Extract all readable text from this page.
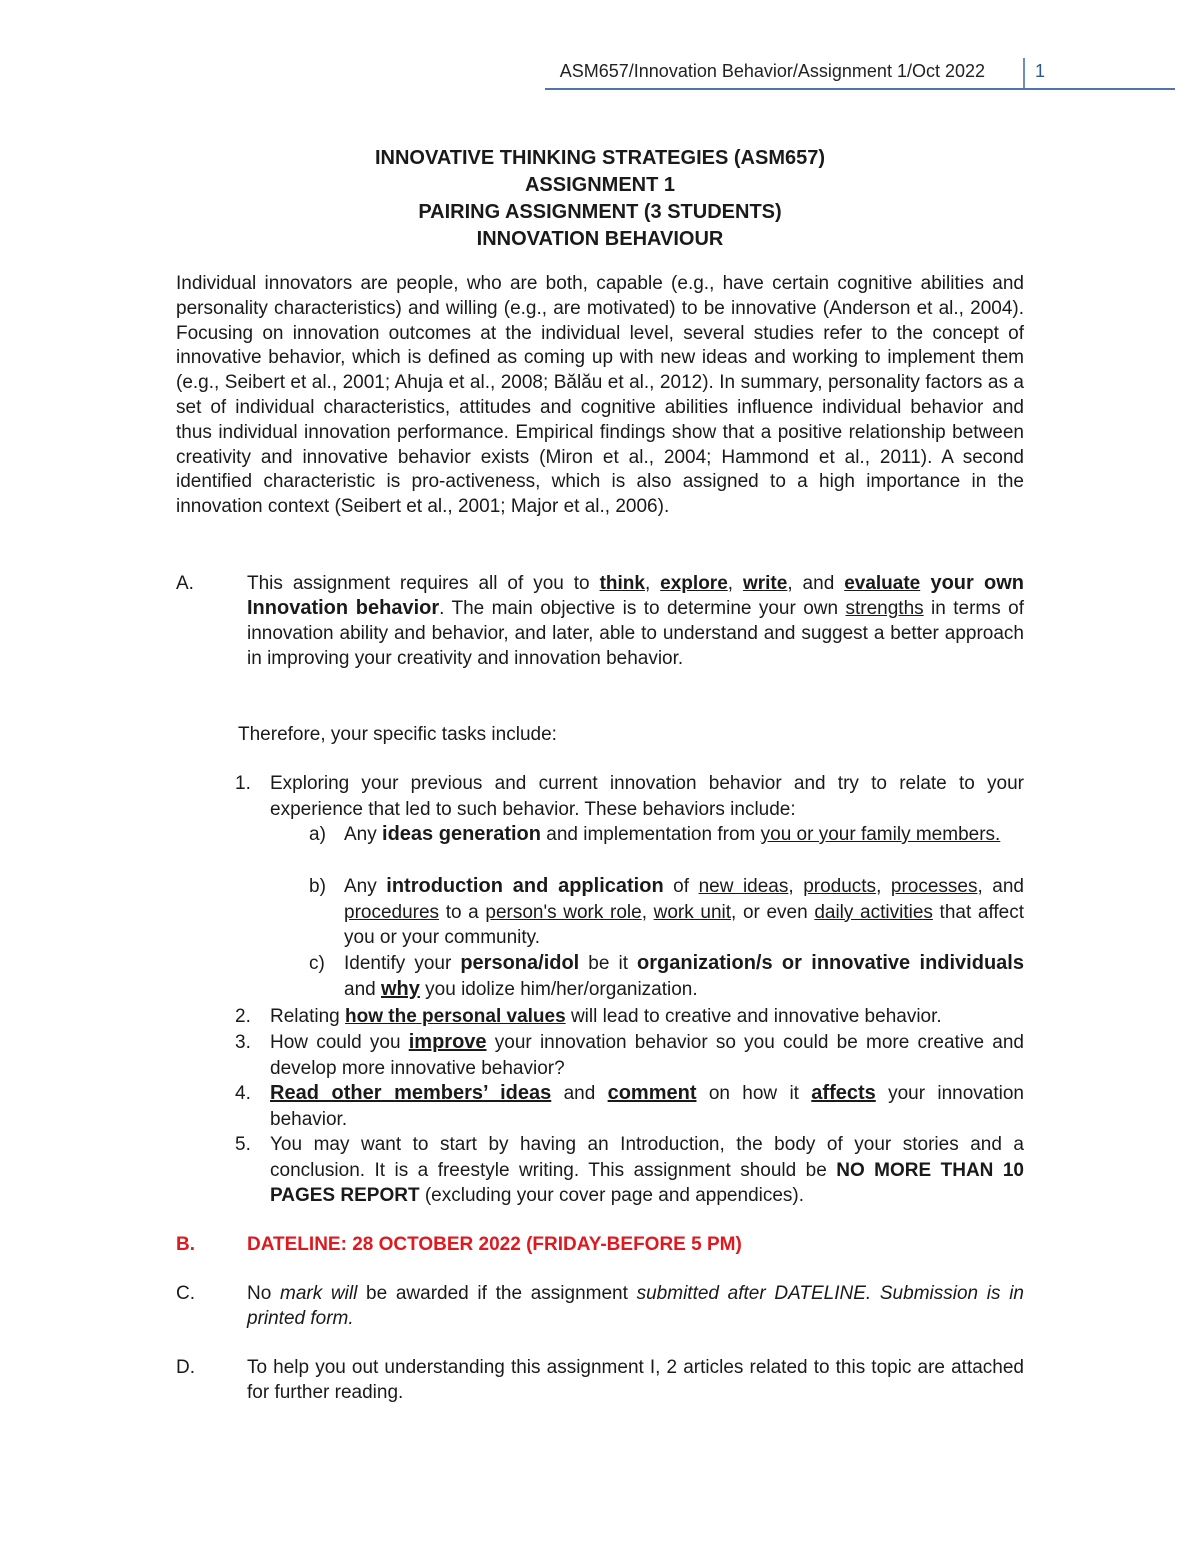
ASM657/Innovation Behavior/Assignment 1/Oct 2022	1
INNOVATIVE THINKING STRATEGIES (ASM657)
ASSIGNMENT 1
PAIRING ASSIGNMENT (3 STUDENTS)
INNOVATION BEHAVIOUR
Individual innovators are people, who are both, capable (e.g., have certain cognitive abilities and personality characteristics) and willing (e.g., are motivated) to be innovative (Anderson et al., 2004). Focusing on innovation outcomes at the individual level, several studies refer to the concept of innovative behavior, which is defined as coming up with new ideas and working to implement them (e.g., Seibert et al., 2001; Ahuja et al., 2008; Bălău et al., 2012). In summary, personality factors as a set of individual characteristics, attitudes and cognitive abilities influence individual behavior and thus individual innovation performance. Empirical findings show that a positive relationship between creativity and innovative behavior exists (Miron et al., 2004; Hammond et al., 2011). A second identified characteristic is pro-activeness, which is also assigned to a high importance in the innovation context (Seibert et al., 2001; Major et al., 2006).
A.	This assignment requires all of you to think, explore, write, and evaluate your own Innovation behavior. The main objective is to determine your own strengths in terms of innovation ability and behavior, and later, able to understand and suggest a better approach in improving your creativity and innovation behavior.
Therefore, your specific tasks include:
1. Exploring your previous and current innovation behavior and try to relate to your experience that led to such behavior. These behaviors include:
a) Any ideas generation and implementation from you or your family members.
b) Any introduction and application of new ideas, products, processes, and procedures to a person's work role, work unit, or even daily activities that affect you or your community.
c) Identify your persona/idol be it organization/s or innovative individuals and why you idolize him/her/organization.
2. Relating how the personal values will lead to creative and innovative behavior.
3. How could you improve your innovation behavior so you could be more creative and develop more innovative behavior?
4. Read other members’ ideas and comment on how it affects your innovation behavior.
5. You may want to start by having an Introduction, the body of your stories and a conclusion. It is a freestyle writing. This assignment should be NO MORE THAN 10 PAGES REPORT (excluding your cover page and appendices).
B.	DATELINE: 28 OCTOBER 2022 (FRIDAY-BEFORE 5 PM)
C.	No mark will be awarded if the assignment submitted after DATELINE. Submission is in printed form.
D.	To help you out understanding this assignment I, 2 articles related to this topic are attached for further reading.
